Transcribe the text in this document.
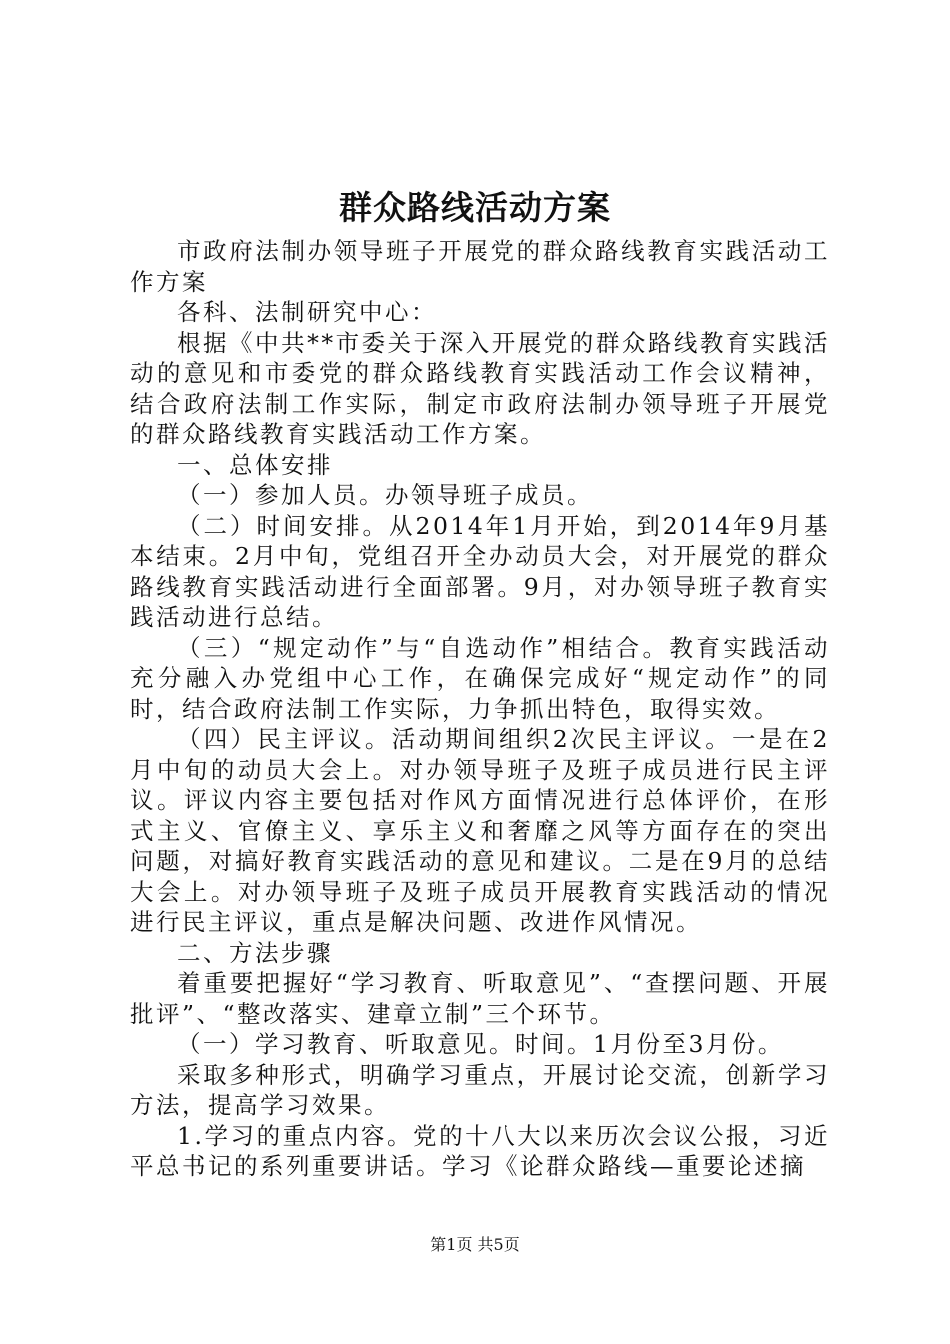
群众路线活动方案

市政府法制办领导班子开展党的群众路线教育实践活动工作方案

各科、法制研究中心：

根据《中共**市委关于深入开展党的群众路线教育实践活动的意见和市委党的群众路线教育实践活动工作会议精神，结合政府法制工作实际，制定市政府法制办领导班子开展党的群众路线教育实践活动工作方案。

一、总体安排

（一）参加人员。办领导班子成员。

（二）时间安排。从2014年1月开始，到2014年9月基本结束。2月中旬，党组召开全办动员大会，对开展党的群众路线教育实践活动进行全面部署。9月，对办领导班子教育实践活动进行总结。

（三）“规定动作”与“自选动作”相结合。教育实践活动充分融入办党组中心工作，在确保完成好“规定动作”的同时，结合政府法制工作实际，力争抓出特色，取得实效。

（四）民主评议。活动期间组织2次民主评议。一是在2月中旬的动员大会上。对办领导班子及班子成员进行民主评议。评议内容主要包括对作风方面情况进行总体评价，在形式主义、官僚主义、享乐主义和奢靡之风等方面存在的突出问题，对搞好教育实践活动的意见和建议。二是在9月的总结大会上。对办领导班子及班子成员开展教育实践活动的情况进行民主评议，重点是解决问题、改进作风情况。

二、方法步骤

着重要把握好“学习教育、听取意见”、“查摆问题、开展批评”、“整改落实、建章立制”三个环节。

（一）学习教育、听取意见。时间。1月份至3月份。

采取多种形式，明确学习重点，开展讨论交流，创新学习方法，提高学习效果。

1.学习的重点内容。党的十八大以来历次会议公报，习近平总书记的系列重要讲话。学习《论群众路线—重要论述摘

第1页 共5页
